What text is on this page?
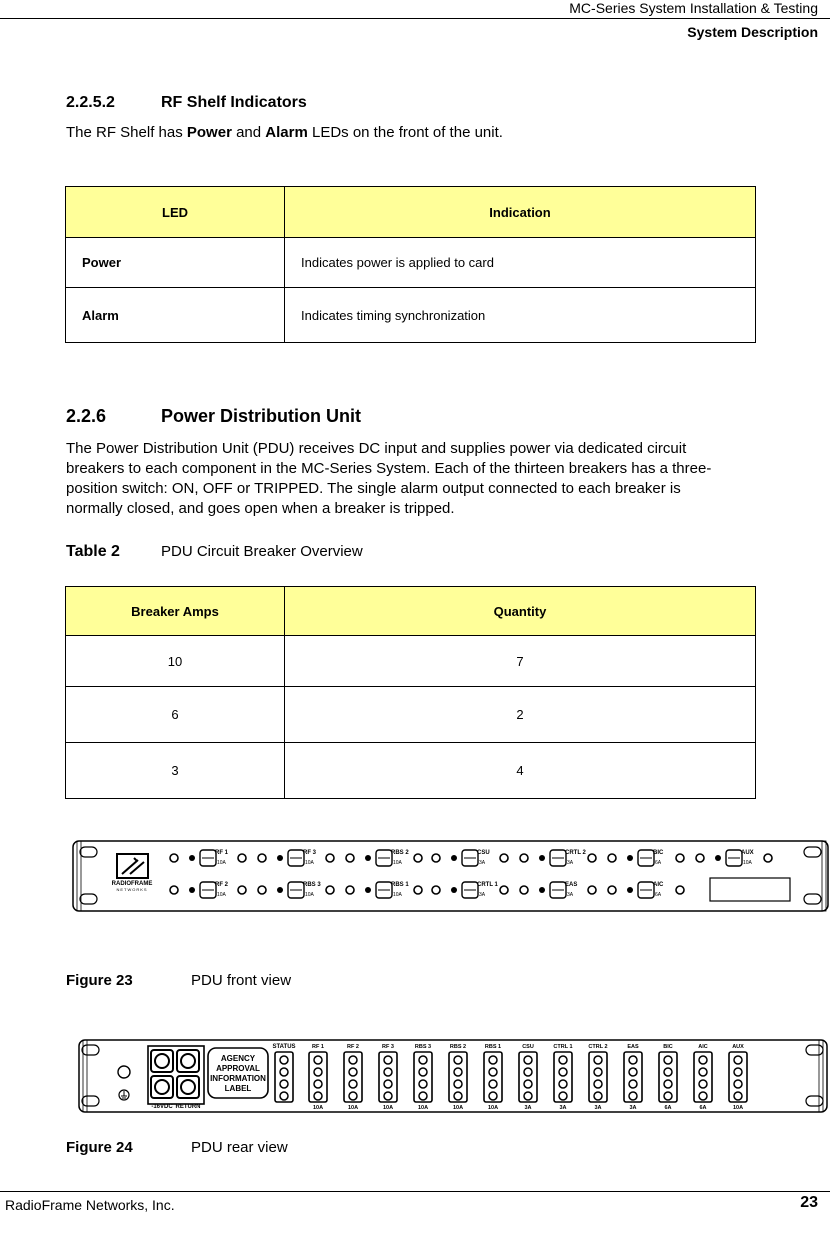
MC-Series System Installation & Testing
System Description
2.2.5.2	RF Shelf Indicators
The RF Shelf has Power and Alarm LEDs on the front of the unit.
LED	Indication
Power	Indicates power is applied to card
Alarm	Indicates timing synchronization
2.2.6	Power Distribution Unit
The Power Distribution Unit (PDU) receives DC input and supplies power via dedicated circuit
breakers to each component in the MC-Series System. Each of the thirteen breakers has a three-
position switch: ON, OFF or TRIPPED. The single alarm output connected to each breaker is
normally closed, and goes open when a breaker is tripped.
Table 2	PDU Circuit Breaker Overview
Breaker Amps	Quantity
10	7
6	2
3	4
RADIOFRAME
NETWORKS
RF 1
10A
RF 3
10A
RBS 2
10A
CSU
3A
CRTL 2
3A
BIC
6A
AUX
10A
RF 2
10A
RBS 3
10A
RBS 1
10A
CRTL 1
3A
EAS
3A
AIC
6A
Figure 23	PDU front view
-16VDC RETURN
AGENCY
APPROVAL
INFORMATION
LABEL
STATUS	RF 1
10A
RF 2
10A
RF 3
10A
RBS 3
10A
RBS 2
10A
RBS 1
10A
CSU
3A
CTRL 1
3A
CTRL 2
3A
EAS
3A
BIC
6A
AIC
6A
AUX
10A
Figure 24	PDU rear view
RadioFrame Networks, Inc.	23
